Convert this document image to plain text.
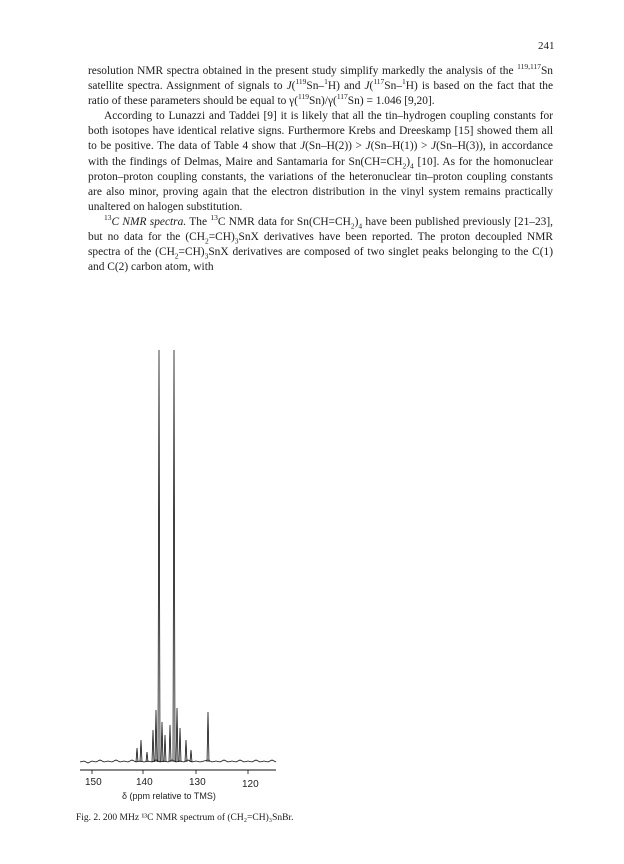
241

resolution NMR spectra obtained in the present study simplify markedly the analysis of the $^{119,117}$Sn satellite spectra. Assignment of signals to J($^{119}$Sn–$^1$H) and J($^{117}$Sn–$^1$H) is based on the fact that the ratio of these parameters should be equal to γ($^{119}$Sn)/γ($^{117}$Sn) = 1.046 [9,20].

According to Lunazzi and Taddei [9] it is likely that all the tin–hydrogen coupling constants for both isotopes have identical relative signs. Furthermore Krebs and Dreeskamp [15] showed them all to be positive. The data of Table 4 show that J(Sn–H(2)) > J(Sn–H(1)) > J(Sn–H(3)), in accordance with the findings of Delmas, Maire and Santamaria for $Sn(CH=CH_2)_4$ [10]. As for the homonuclear proton–proton coupling constants, the variations of the heteronuclear tin–proton coupling constants are also minor, proving again that the electron distribution in the vinyl system remains practically unaltered on halogen substitution.

$^{13}$C NMR spectra. The $^{13}$C NMR data for $Sn(CH=CH_2)_4$ have been published previously [21–23], but no data for the $(CH_2=CH)_3SnX$ derivatives have been reported. The proton decoupled NMR spectra of the $(CH_2=CH)_3SnX$ derivatives are composed of two singlet peaks belonging to the C(1) and C(2) carbon atom, with

150	140	130	120
δ (ppm relative to TMS)
Fig. 2. 200 MHz ¹³C NMR spectrum of (CH₂=CH)₃SnBr.
